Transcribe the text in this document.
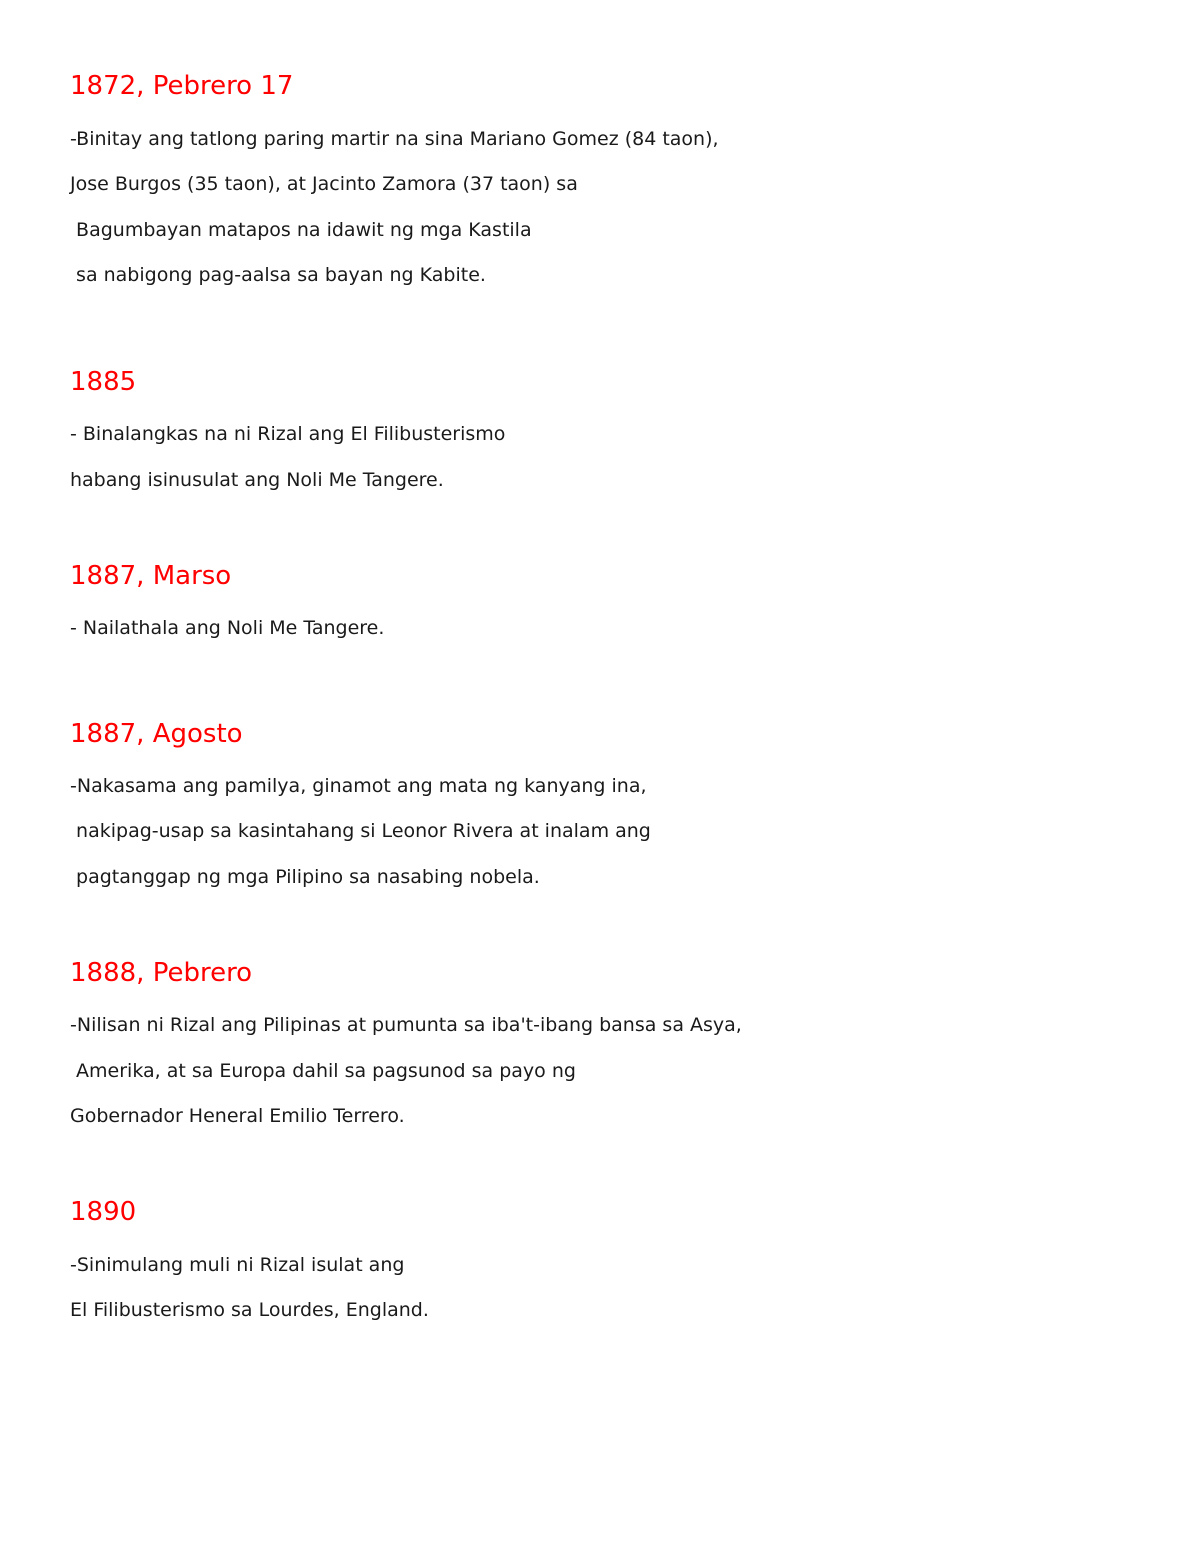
1872, Pebrero 17

-Binitay ang tatlong paring martir na sina Mariano Gomez (84 taon),

Jose Burgos (35 taon), at Jacinto Zamora (37 taon) sa

Bagumbayan matapos na idawit ng mga Kastila

sa nabigong pag-aalsa sa bayan ng Kabite.

1885

- Binalangkas na ni Rizal ang El Filibusterismo

habang isinusulat ang Noli Me Tangere.

1887, Marso

- Nailathala ang Noli Me Tangere.

1887, Agosto

-Nakasama ang pamilya, ginamot ang mata ng kanyang ina,

nakipag-usap sa kasintahang si Leonor Rivera at inalam ang

pagtanggap ng mga Pilipino sa nasabing nobela.

1888, Pebrero

-Nilisan ni Rizal ang Pilipinas at pumunta sa iba't-ibang bansa sa Asya,

Amerika, at sa Europa dahil sa pagsunod sa payo ng

Gobernador Heneral Emilio Terrero.

1890

-Sinimulang muli ni Rizal isulat ang

El Filibusterismo sa Lourdes, England.
